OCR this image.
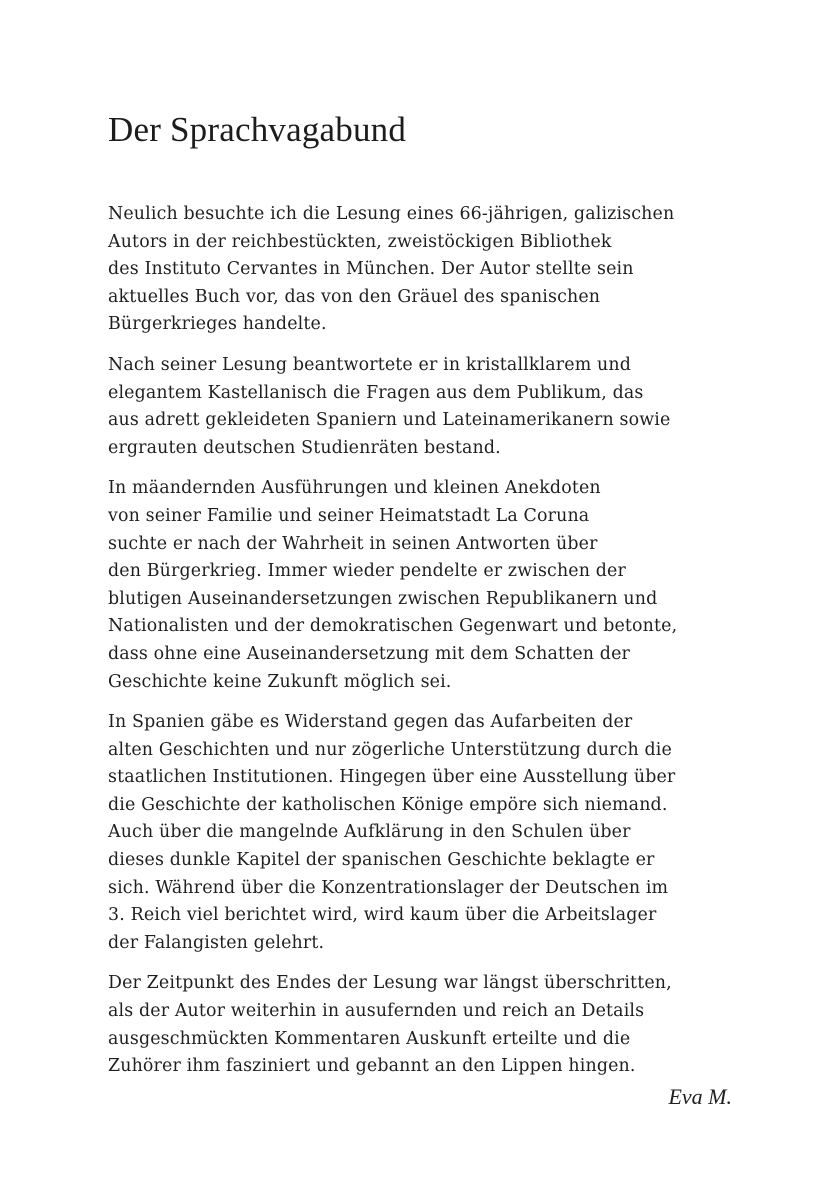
Der Sprachvagabund

Neulich besuchte ich die Lesung eines 66-jährigen, galizischen
Autors in der reichbestückten, zweistöckigen Bibliothek
des Instituto Cervantes in München. Der Autor stellte sein
aktuelles Buch vor, das von den Gräuel des spanischen
Bürgerkrieges handelte.

Nach seiner Lesung beantwortete er in kristallklarem und
elegantem Kastellanisch die Fragen aus dem Publikum, das
aus adrett gekleideten Spaniern und Lateinamerikanern sowie
ergrauten deutschen Studienräten bestand.

In mäandernden Ausführungen und kleinen Anekdoten
von seiner Familie und seiner Heimatstadt La Coruna
suchte er nach der Wahrheit in seinen Antworten über
den Bürgerkrieg. Immer wieder pendelte er zwischen der
blutigen Auseinandersetzungen zwischen Republikanern und
Nationalisten und der demokratischen Gegenwart und betonte,
dass ohne eine Auseinandersetzung mit dem Schatten der
Geschichte keine Zukunft möglich sei.

In Spanien gäbe es Widerstand gegen das Aufarbeiten der
alten Geschichten und nur zögerliche Unterstützung durch die
staatlichen Institutionen. Hingegen über eine Ausstellung über
die Geschichte der katholischen Könige empöre sich niemand.
Auch über die mangelnde Aufklärung in den Schulen über
dieses dunkle Kapitel der spanischen Geschichte beklagte er
sich. Während über die Konzentrationslager der Deutschen im
3. Reich viel berichtet wird, wird kaum über die Arbeitslager
der Falangisten gelehrt.

Der Zeitpunkt des Endes der Lesung war längst überschritten,
als der Autor weiterhin in ausufernden und reich an Details
ausgeschmückten Kommentaren Auskunft erteilte und die
Zuhörer ihm fasziniert und gebannt an den Lippen hingen.

Eva M.
